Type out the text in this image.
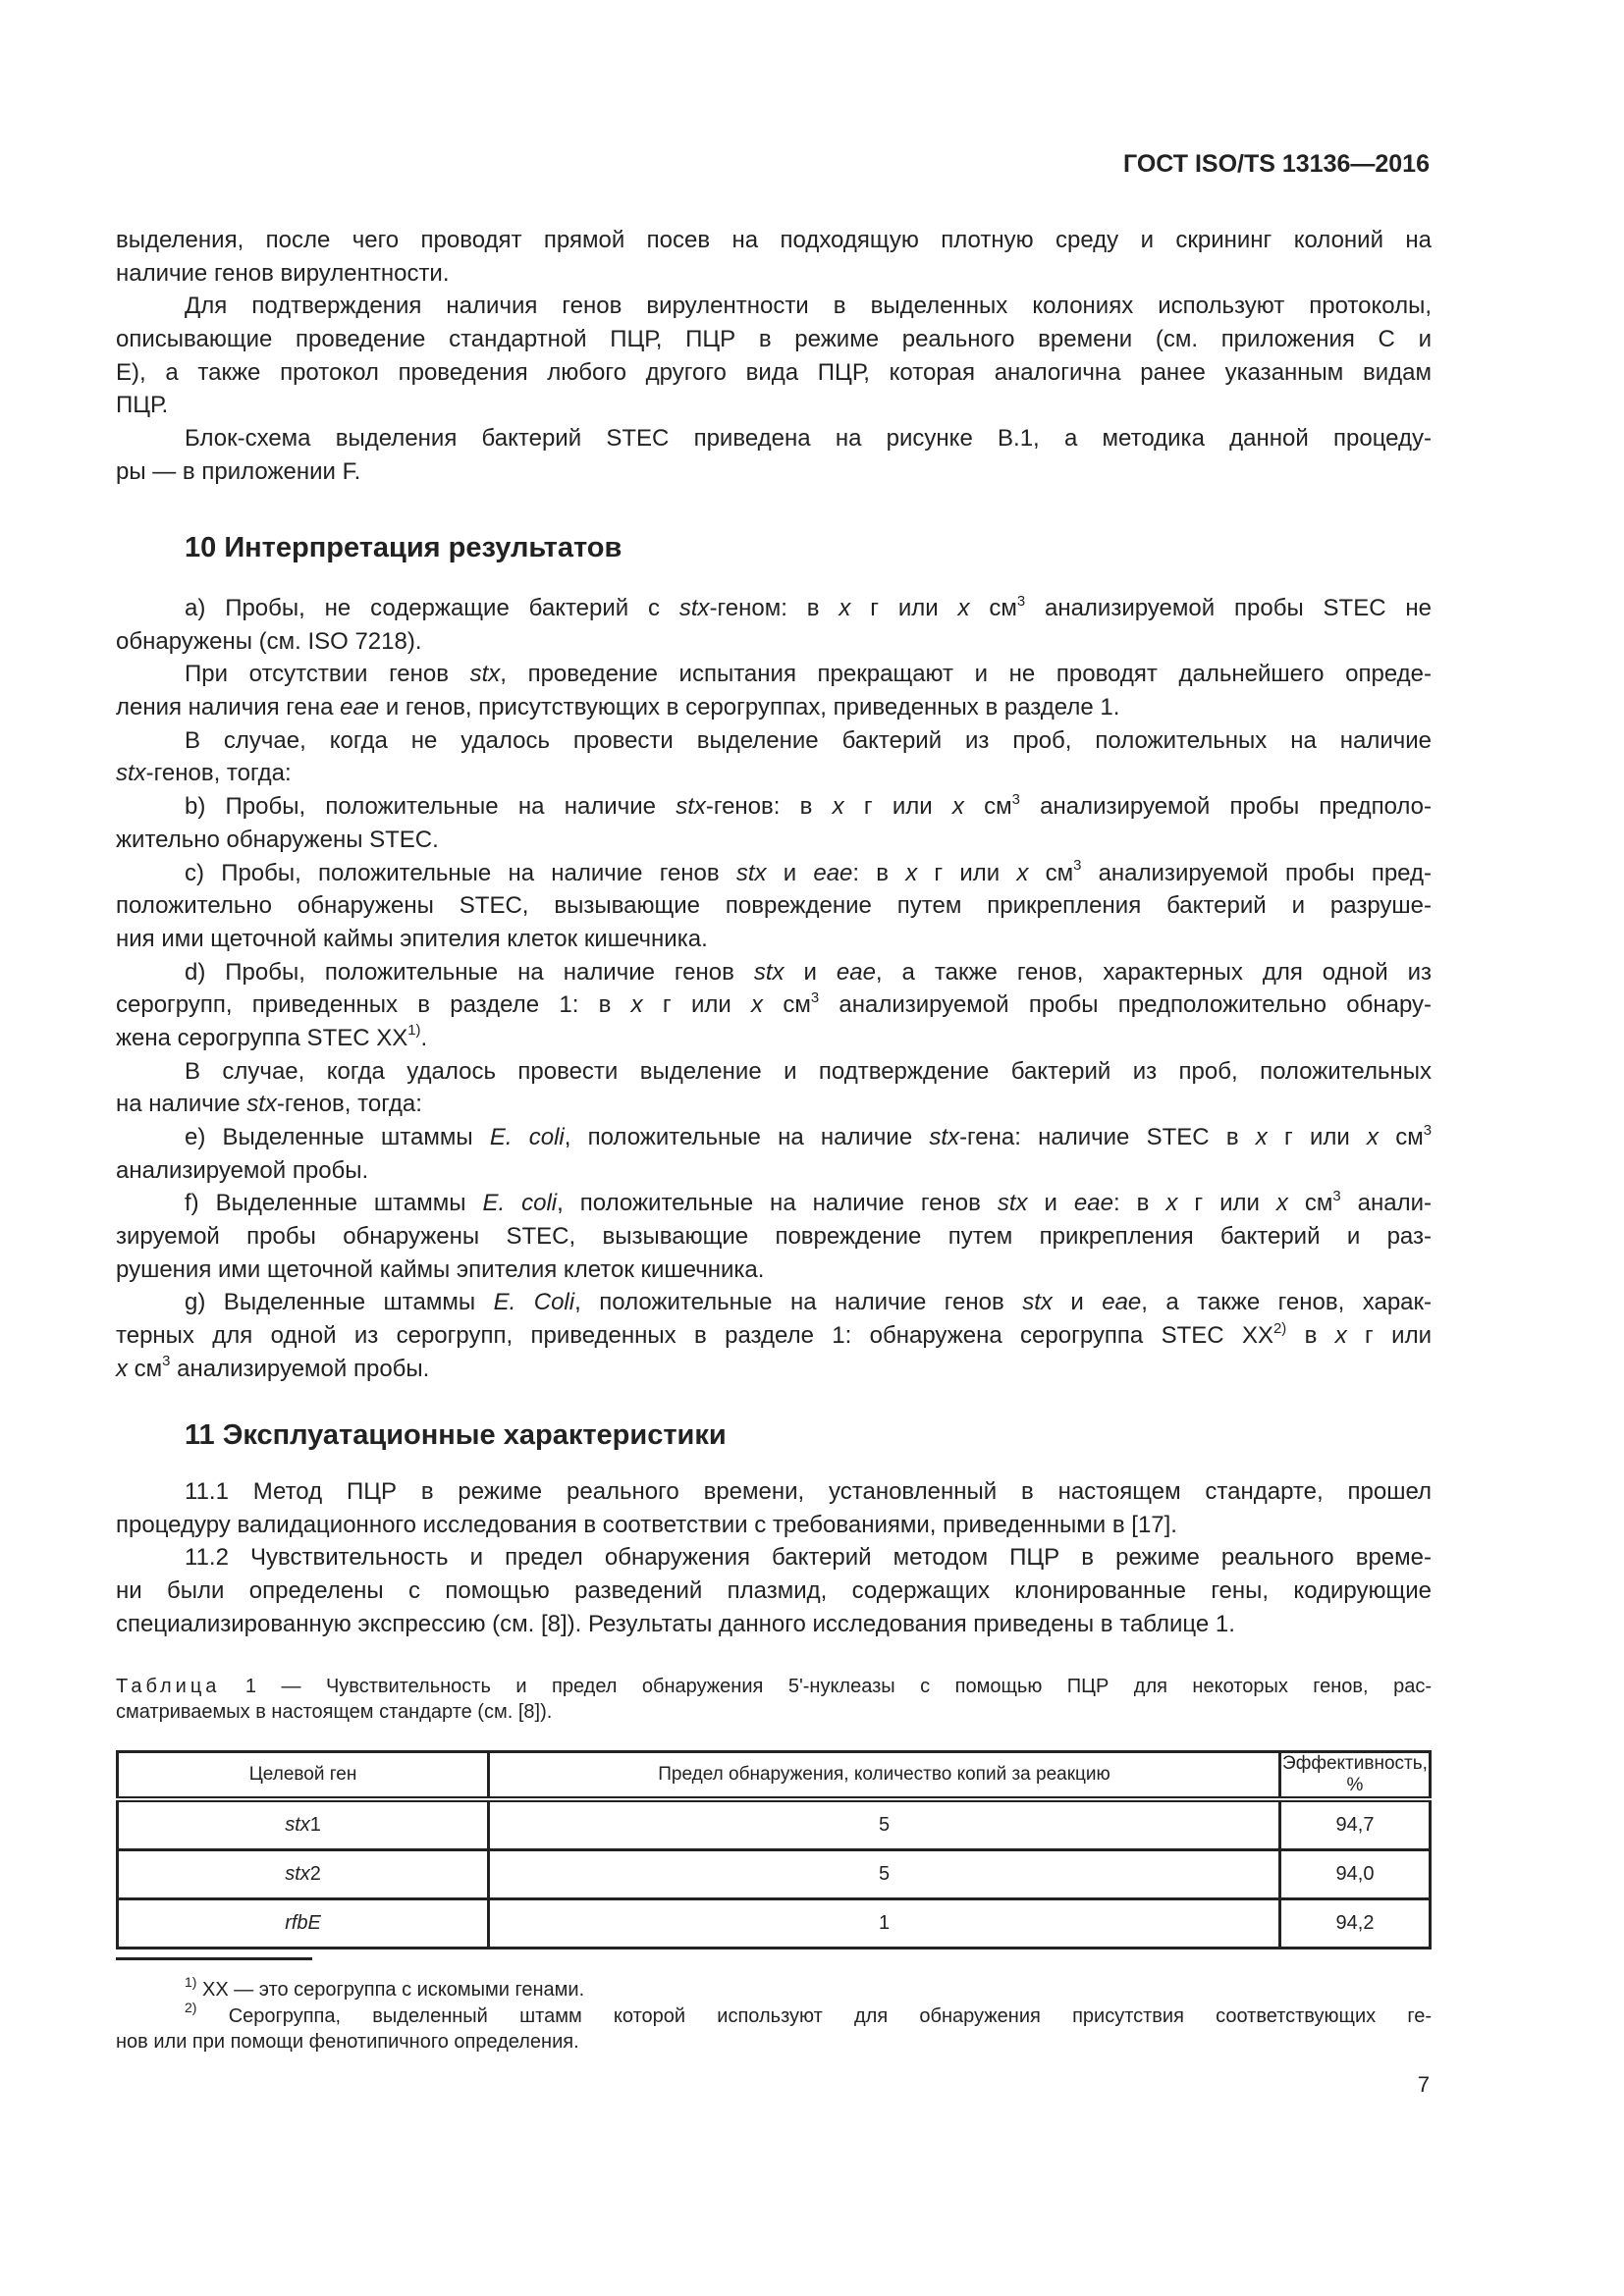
ГОСТ ISO/TS 13136—2016
выделения, после чего проводят прямой посев на подходящую плотную среду и скрининг колоний на
наличие генов вирулентности.
Для подтверждения наличия генов вирулентности в выделенных колониях используют протоколы,
описывающие проведение стандартной ПЦР, ПЦР в режиме реального времени (см. приложения С и
Е), а также протокол проведения любого другого вида ПЦР, которая аналогична ранее указанным видам
ПЦР.
Блок-схема выделения бактерий STEC приведена на рисунке В.1, а методика данной процеду-
ры — в приложении F.
10 Интерпретация результатов
а) Пробы, не содержащие бактерий с stx-геном: в x г или x $см^3$ анализируемой пробы STEC не
обнаружены (см. ISO 7218).
При отсутствии генов stx, проведение испытания прекращают и не проводят дальнейшего опреде-
ления наличия гена eae и генов, присутствующих в серогруппах, приведенных в разделе 1.
В случае, когда не удалось провести выделение бактерий из проб, положительных на наличие
stx-генов, тогда:
b) Пробы, положительные на наличие stx-генов: в x г или x $см^3$ анализируемой пробы предполо-
жительно обнаружены STEC.
с) Пробы, положительные на наличие генов stx и eae: в x г или x $см^3$ анализируемой пробы пред-
положительно обнаружены STEC, вызывающие повреждение путем прикрепления бактерий и разруше-
ния ими щеточной каймы эпителия клеток кишечника.
d) Пробы, положительные на наличие генов stx и eae, а также генов, характерных для одной из
серогрупп, приведенных в разделе 1: в x г или x $см^3$ анализируемой пробы предположительно обнару-
жена серогруппа STEC XX$^{1)}$.
В случае, когда удалось провести выделение и подтверждение бактерий из проб, положительных
на наличие stx-генов, тогда:
е) Выделенные штаммы E. coli, положительные на наличие stx-гена: наличие STEC в x г или x $см^3$
анализируемой пробы.
f) Выделенные штаммы E. coli, положительные на наличие генов stx и eae: в x г или x $см^3$ анали-
зируемой пробы обнаружены STEC, вызывающие повреждение путем прикрепления бактерий и раз-
рушения ими щеточной каймы эпителия клеток кишечника.
g) Выделенные штаммы E. Coli, положительные на наличие генов stx и eae, а также генов, харак-
терных для одной из серогрупп, приведенных в разделе 1: обнаружена серогруппа STEC XX$^{2)}$ в x г или
x $см^3$ анализируемой пробы.
11 Эксплуатационные характеристики
11.1 Метод ПЦР в режиме реального времени, установленный в настоящем стандарте, прошел
процедуру валидационного исследования в соответствии с требованиями, приведенными в [17].
11.2 Чувствительность и предел обнаружения бактерий методом ПЦР в режиме реального време-
ни были определены с помощью разведений плазмид, содержащих клонированные гены, кодирующие
специализированную экспрессию (см. [8]). Результаты данного исследования приведены в таблице 1.
Таблица 1 — Чувствительность и предел обнаружения 5'-нуклеазы с помощью ПЦР для некоторых генов, рас-
сматриваемых в настоящем стандарте (см. [8]).
Целевой ген	Предел обнаружения, количество копий за реакцию	Эффективность, %
stx1	5	94,7
stx2	5	94,0
rfbE	1	94,2
$^{1)}$ XX — это серогруппа с искомыми генами.
$^{2)}$ Серогруппа, выделенный штамм которой используют для обнаружения присутствия соответствующих ге-
нов или при помощи фенотипичного определения.
7
